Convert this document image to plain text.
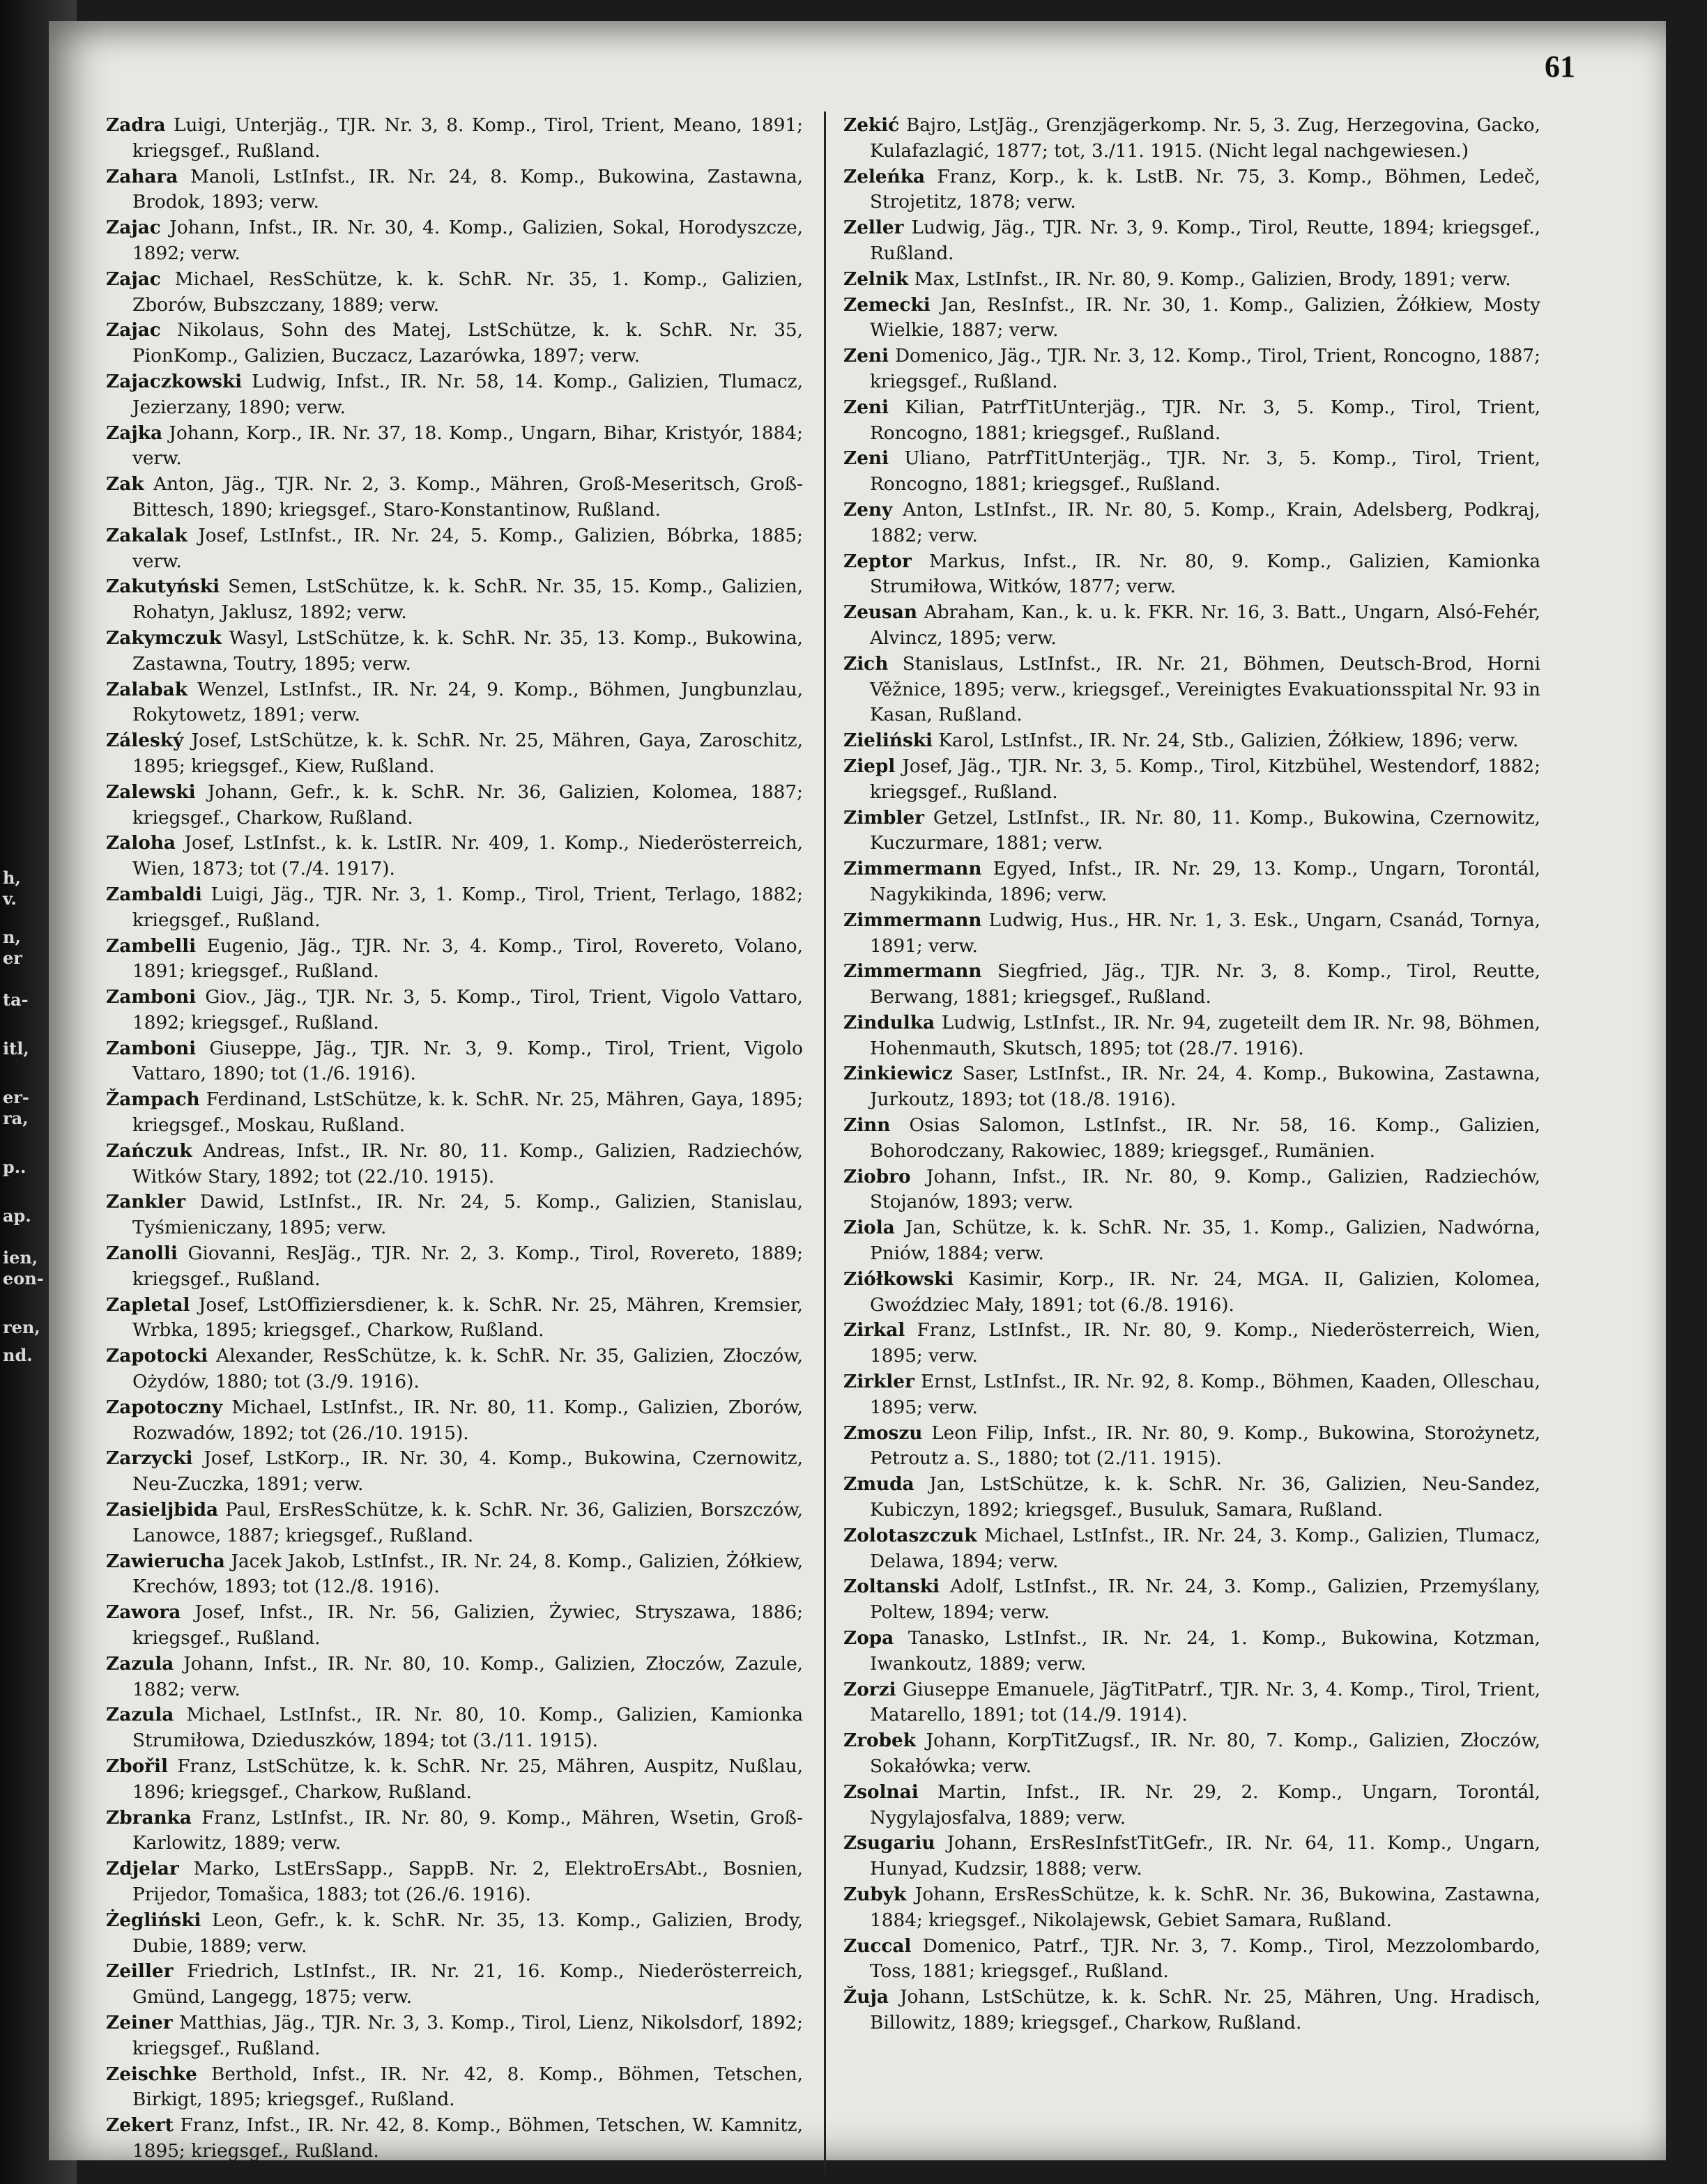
h,
v.
n,
er
ta-
itl,
er-
ra,
p..
ap.
ien,
eon-
ren,
nd.
61

Zadra Luigi, Unterjäg., TJR. Nr. 3, 8. Komp., Tirol, Trient, Meano, 1891; kriegsgef., Rußland.

Zahara Manoli, LstInfst., IR. Nr. 24, 8. Komp., Bukowina, Zastawna, Brodok, 1893; verw.

Zajac Johann, Infst., IR. Nr. 30, 4. Komp., Galizien, Sokal, Horodyszcze, 1892; verw.

Zajac Michael, ResSchütze, k. k. SchR. Nr. 35, 1. Komp., Galizien, Zborów, Bubszczany, 1889; verw.

Zajac Nikolaus, Sohn des Matej, LstSchütze, k. k. SchR. Nr. 35, PionKomp., Galizien, Buczacz, Lazarówka, 1897; verw.

Zajaczkowski Ludwig, Infst., IR. Nr. 58, 14. Komp., Galizien, Tlumacz, Jezierzany, 1890; verw.

Zajka Johann, Korp., IR. Nr. 37, 18. Komp., Ungarn, Bihar, Kristyór, 1884; verw.

Zak Anton, Jäg., TJR. Nr. 2, 3. Komp., Mähren, Groß-Meseritsch, Groß-Bittesch, 1890; kriegsgef., Staro-Konstantinow, Rußland.

Zakalak Josef, LstInfst., IR. Nr. 24, 5. Komp., Galizien, Bóbrka, 1885; verw.

Zakutyński Semen, LstSchütze, k. k. SchR. Nr. 35, 15. Komp., Galizien, Rohatyn, Jaklusz, 1892; verw.

Zakymczuk Wasyl, LstSchütze, k. k. SchR. Nr. 35, 13. Komp., Bukowina, Zastawna, Toutry, 1895; verw.

Zalabak Wenzel, LstInfst., IR. Nr. 24, 9. Komp., Böhmen, Jungbunzlau, Rokytowetz, 1891; verw.

Záleský Josef, LstSchütze, k. k. SchR. Nr. 25, Mähren, Gaya, Zaroschitz, 1895; kriegsgef., Kiew, Rußland.

Zalewski Johann, Gefr., k. k. SchR. Nr. 36, Galizien, Kolomea, 1887; kriegsgef., Charkow, Rußland.

Zaloha Josef, LstInfst., k. k. LstIR. Nr. 409, 1. Komp., Niederösterreich, Wien, 1873; tot (7./4. 1917).

Zambaldi Luigi, Jäg., TJR. Nr. 3, 1. Komp., Tirol, Trient, Terlago, 1882; kriegsgef., Rußland.

Zambelli Eugenio, Jäg., TJR. Nr. 3, 4. Komp., Tirol, Rovereto, Volano, 1891; kriegsgef., Rußland.

Zamboni Giov., Jäg., TJR. Nr. 3, 5. Komp., Tirol, Trient, Vigolo Vattaro, 1892; kriegsgef., Rußland.

Zamboni Giuseppe, Jäg., TJR. Nr. 3, 9. Komp., Tirol, Trient, Vigolo Vattaro, 1890; tot (1./6. 1916).

Žampach Ferdinand, LstSchütze, k. k. SchR. Nr. 25, Mähren, Gaya, 1895; kriegsgef., Moskau, Rußland.

Zańczuk Andreas, Infst., IR. Nr. 80, 11. Komp., Galizien, Radziechów, Witków Stary, 1892; tot (22./10. 1915).

Zankler Dawid, LstInfst., IR. Nr. 24, 5. Komp., Galizien, Stanislau, Tyśmieniczany, 1895; verw.

Zanolli Giovanni, ResJäg., TJR. Nr. 2, 3. Komp., Tirol, Rovereto, 1889; kriegsgef., Rußland.

Zapletal Josef, LstOffiziersdiener, k. k. SchR. Nr. 25, Mähren, Kremsier, Wrbka, 1895; kriegsgef., Charkow, Rußland.

Zapotocki Alexander, ResSchütze, k. k. SchR. Nr. 35, Galizien, Złoczów, Ożydów, 1880; tot (3./9. 1916).

Zapotoczny Michael, LstInfst., IR. Nr. 80, 11. Komp., Galizien, Zborów, Rozwadów, 1892; tot (26./10. 1915).

Zarzycki Josef, LstKorp., IR. Nr. 30, 4. Komp., Bukowina, Czernowitz, Neu-Zuczka, 1891; verw.

Zasieljbida Paul, ErsResSchütze, k. k. SchR. Nr. 36, Galizien, Borszczów, Lanowce, 1887; kriegsgef., Rußland.

Zawierucha Jacek Jakob, LstInfst., IR. Nr. 24, 8. Komp., Galizien, Żółkiew, Krechów, 1893; tot (12./8. 1916).

Zawora Josef, Infst., IR. Nr. 56, Galizien, Żywiec, Stryszawa, 1886; kriegsgef., Rußland.

Zazula Johann, Infst., IR. Nr. 80, 10. Komp., Galizien, Złoczów, Zazule, 1882; verw.

Zazula Michael, LstInfst., IR. Nr. 80, 10. Komp., Galizien, Kamionka Strumiłowa, Dzieduszków, 1894; tot (3./11. 1915).

Zbořil Franz, LstSchütze, k. k. SchR. Nr. 25, Mähren, Auspitz, Nußlau, 1896; kriegsgef., Charkow, Rußland.

Zbranka Franz, LstInfst., IR. Nr. 80, 9. Komp., Mähren, Wsetin, Groß-Karlowitz, 1889; verw.

Zdjelar Marko, LstErsSapp., SappB. Nr. 2, ElektroErsAbt., Bosnien, Prijedor, Tomašica, 1883; tot (26./6. 1916).

Żegliński Leon, Gefr., k. k. SchR. Nr. 35, 13. Komp., Galizien, Brody, Dubie, 1889; verw.

Zeiller Friedrich, LstInfst., IR. Nr. 21, 16. Komp., Niederösterreich, Gmünd, Langegg, 1875; verw.

Zeiner Matthias, Jäg., TJR. Nr. 3, 3. Komp., Tirol, Lienz, Nikolsdorf, 1892; kriegsgef., Rußland.

Zeischke Berthold, Infst., IR. Nr. 42, 8. Komp., Böhmen, Tetschen, Birkigt, 1895; kriegsgef., Rußland.

Zekert Franz, Infst., IR. Nr. 42, 8. Komp., Böhmen, Tetschen, W. Kamnitz, 1895; kriegsgef., Rußland.

Zekić Bajro, LstJäg., Grenzjägerkomp. Nr. 5, 3. Zug, Herzegovina, Gacko, Kulafazlagić, 1877; tot, 3./11. 1915. (Nicht legal nachgewiesen.)

Zeleńka Franz, Korp., k. k. LstB. Nr. 75, 3. Komp., Böhmen, Ledeč, Strojetitz, 1878; verw.

Zeller Ludwig, Jäg., TJR. Nr. 3, 9. Komp., Tirol, Reutte, 1894; kriegsgef., Rußland.

Zelnik Max, LstInfst., IR. Nr. 80, 9. Komp., Galizien, Brody, 1891; verw.

Zemecki Jan, ResInfst., IR. Nr. 30, 1. Komp., Galizien, Żółkiew, Mosty Wielkie, 1887; verw.

Zeni Domenico, Jäg., TJR. Nr. 3, 12. Komp., Tirol, Trient, Roncogno, 1887; kriegsgef., Rußland.

Zeni Kilian, PatrfTitUnterjäg., TJR. Nr. 3, 5. Komp., Tirol, Trient, Roncogno, 1881; kriegsgef., Rußland.

Zeni Uliano, PatrfTitUnterjäg., TJR. Nr. 3, 5. Komp., Tirol, Trient, Roncogno, 1881; kriegsgef., Rußland.

Zeny Anton, LstInfst., IR. Nr. 80, 5. Komp., Krain, Adelsberg, Podkraj, 1882; verw.

Zeptor Markus, Infst., IR. Nr. 80, 9. Komp., Galizien, Kamionka Strumiłowa, Witków, 1877; verw.

Zeusan Abraham, Kan., k. u. k. FKR. Nr. 16, 3. Batt., Ungarn, Alsó-Fehér, Alvincz, 1895; verw.

Zich Stanislaus, LstInfst., IR. Nr. 21, Böhmen, Deutsch-Brod, Horni Věžnice, 1895; verw., kriegsgef., Vereinigtes Evakuationsspital Nr. 93 in Kasan, Rußland.

Zieliński Karol, LstInfst., IR. Nr. 24, Stb., Galizien, Żółkiew, 1896; verw.

Ziepl Josef, Jäg., TJR. Nr. 3, 5. Komp., Tirol, Kitzbühel, Westendorf, 1882; kriegsgef., Rußland.

Zimbler Getzel, LstInfst., IR. Nr. 80, 11. Komp., Bukowina, Czernowitz, Kuczurmare, 1881; verw.

Zimmermann Egyed, Infst., IR. Nr. 29, 13. Komp., Ungarn, Torontál, Nagykikinda, 1896; verw.

Zimmermann Ludwig, Hus., HR. Nr. 1, 3. Esk., Ungarn, Csanád, Tornya, 1891; verw.

Zimmermann Siegfried, Jäg., TJR. Nr. 3, 8. Komp., Tirol, Reutte, Berwang, 1881; kriegsgef., Rußland.

Zindulka Ludwig, LstInfst., IR. Nr. 94, zugeteilt dem IR. Nr. 98, Böhmen, Hohenmauth, Skutsch, 1895; tot (28./7. 1916).

Zinkiewicz Saser, LstInfst., IR. Nr. 24, 4. Komp., Bukowina, Zastawna, Jurkoutz, 1893; tot (18./8. 1916).

Zinn Osias Salomon, LstInfst., IR. Nr. 58, 16. Komp., Galizien, Bohorodczany, Rakowiec, 1889; kriegsgef., Rumänien.

Ziobro Johann, Infst., IR. Nr. 80, 9. Komp., Galizien, Radziechów, Stojanów, 1893; verw.

Ziola Jan, Schütze, k. k. SchR. Nr. 35, 1. Komp., Galizien, Nadwórna, Pniów, 1884; verw.

Ziółkowski Kasimir, Korp., IR. Nr. 24, MGA. II, Galizien, Kolomea, Gwoździec Mały, 1891; tot (6./8. 1916).

Zirkal Franz, LstInfst., IR. Nr. 80, 9. Komp., Niederösterreich, Wien, 1895; verw.

Zirkler Ernst, LstInfst., IR. Nr. 92, 8. Komp., Böhmen, Kaaden, Olleschau, 1895; verw.

Zmoszu Leon Filip, Infst., IR. Nr. 80, 9. Komp., Bukowina, Storożynetz, Petroutz a. S., 1880; tot (2./11. 1915).

Zmuda Jan, LstSchütze, k. k. SchR. Nr. 36, Galizien, Neu-Sandez, Kubiczyn, 1892; kriegsgef., Busuluk, Samara, Rußland.

Zolotaszczuk Michael, LstInfst., IR. Nr. 24, 3. Komp., Galizien, Tlumacz, Delawa, 1894; verw.

Zoltanski Adolf, LstInfst., IR. Nr. 24, 3. Komp., Galizien, Przemyślany, Poltew, 1894; verw.

Zopa Tanasko, LstInfst., IR. Nr. 24, 1. Komp., Bukowina, Kotzman, Iwankoutz, 1889; verw.

Zorzi Giuseppe Emanuele, JägTitPatrf., TJR. Nr. 3, 4. Komp., Tirol, Trient, Matarello, 1891; tot (14./9. 1914).

Zrobek Johann, KorpTitZugsf., IR. Nr. 80, 7. Komp., Galizien, Złoczów, Sokałówka; verw.

Zsolnai Martin, Infst., IR. Nr. 29, 2. Komp., Ungarn, Torontál, Nygylajosfalva, 1889; verw.

Zsugariu Johann, ErsResInfstTitGefr., IR. Nr. 64, 11. Komp., Ungarn, Hunyad, Kudzsir, 1888; verw.

Zubyk Johann, ErsResSchütze, k. k. SchR. Nr. 36, Bukowina, Zastawna, 1884; kriegsgef., Nikolajewsk, Gebiet Samara, Rußland.

Zuccal Domenico, Patrf., TJR. Nr. 3, 7. Komp., Tirol, Mezzolombardo, Toss, 1881; kriegsgef., Rußland.

Žuja Johann, LstSchütze, k. k. SchR. Nr. 25, Mähren, Ung. Hradisch, Billowitz, 1889; kriegsgef., Charkow, Rußland.
